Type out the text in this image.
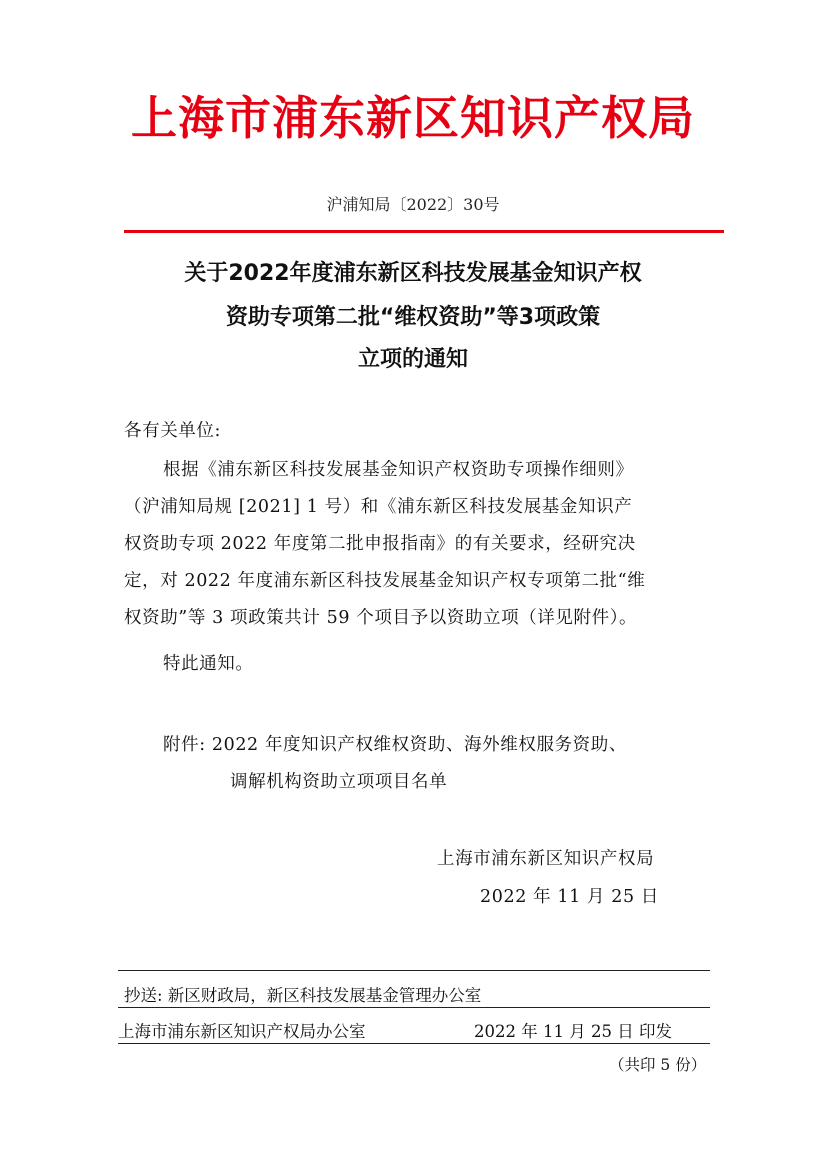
上海市浦东新区知识产权局
沪浦知局〔2022〕30号
关于2022年度浦东新区科技发展基金知识产权
资助专项第二批“维权资助”等3项政策
立项的通知
各有关单位:
根据《浦东新区科技发展基金知识产权资助专项操作细则》
（沪浦知局规 [2021] 1 号）和《浦东新区科技发展基金知识产
权资助专项 2022 年度第二批申报指南》的有关要求，经研究决
定，对 2022 年度浦东新区科技发展基金知识产权专项第二批“维
权资助”等 3 项政策共计 59 个项目予以资助立项（详见附件）。
特此通知。
附件: 2022 年度知识产权维权资助、海外维权服务资助、
调解机构资助立项项目名单
上海市浦东新区知识产权局
2022 年 11 月 25 日
抄送: 新区财政局，新区科技发展基金管理办公室
上海市浦东新区知识产权局办公室	2022 年 11 月 25 日 印发
（共印 5 份）
